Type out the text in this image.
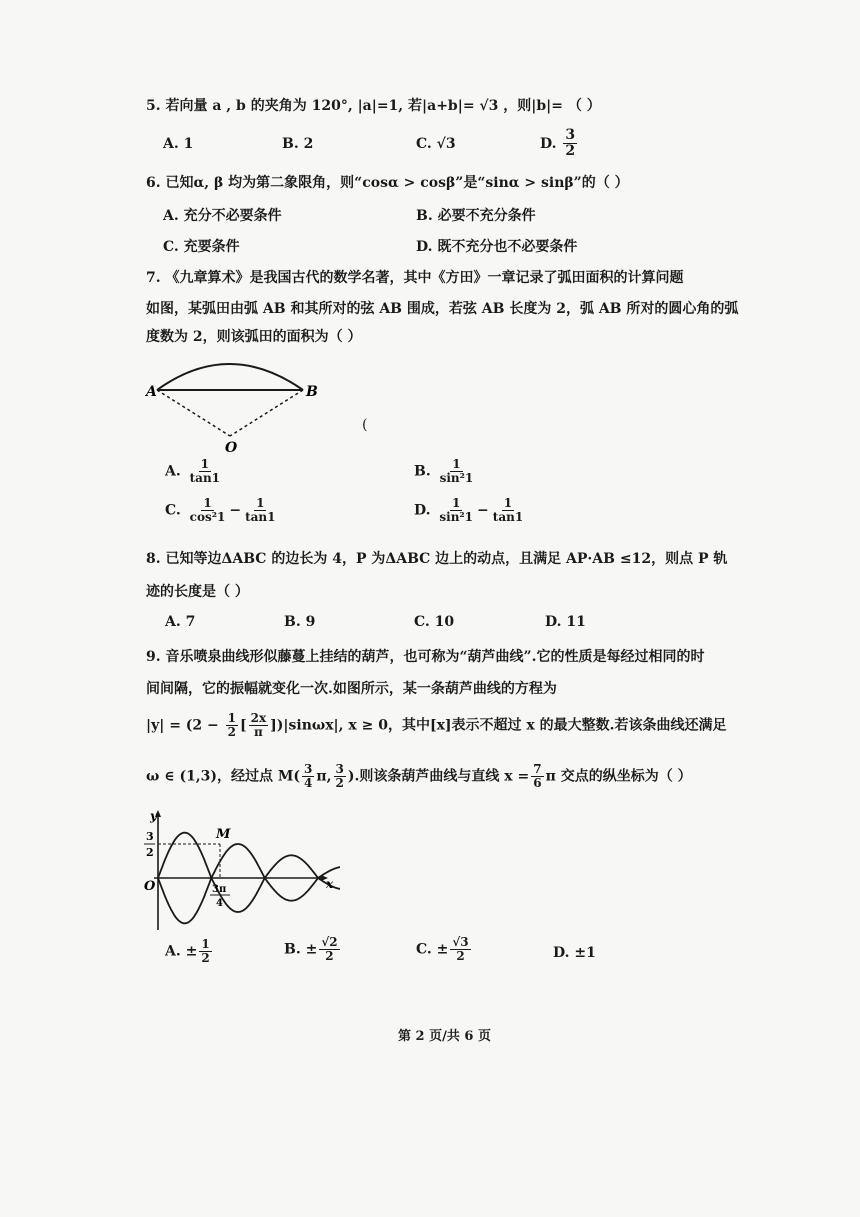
5. 若向量 a , b 的夹角为 120°, |a|=1, 若|a+b|= √3 ，则|b|= （ ）
A. 1	B. 2	C. √3	D. $\frac{3}{2}$
6. 已知α, β 均为第二象限角，则“cosα > cosβ”是“sinα > sinβ”的（ ）
A. 充分不必要条件	B. 必要不充分条件
C. 充要条件	D. 既不充分也不必要条件
7. 《九章算术》是我国古代的数学名著，其中《方田》一章记录了弧田面积的计算问题
如图，某弧田由弧 AB 和其所对的弦 AB 围成，若弦 AB 长度为 2，弧 AB 所对的圆心角的弧
度数为 2，则该弧田的面积为（ ）
A	B
O
(
A. $\frac{1}{\tan 1}$	B. $\frac{1}{\text{sin²1}}$
C. $\frac{1}{\text{cos²1}} - \frac{1}{\tan 1}$	D. $\frac{1}{\text{sin²1}} - \frac{1}{\tan 1}$
8. 已知等边ΔABC 的边长为 4，P 为ΔABC 边上的动点，且满足 AP·AB ≤12，则点 P 轨
迹的长度是（ ）
A. 7	B. 9	C. 10	D. 11
9. 音乐喷泉曲线形似藤蔓上挂结的葫芦，也可称为“葫芦曲线”.它的性质是每经过相同的时
间间隔，它的振幅就变化一次.如图所示，某一条葫芦曲线的方程为
$|y| = (2 - \frac{1}{2}$ [ $\frac{2x}{\pi} ])|\sin\omega x|$, x ≥ 0，其中[x]表示不超过 x 的最大整数.若该条曲线还满足
ω ∈ (1,3)，经过点 $M( \frac{3}{4} \pi$, $\frac{3}{2}$ ).则该条葫芦曲线与直线 $x = \frac{7}{6}$ π 交点的纵坐标为（ ）
y
x
O
M
3
2
3π
4
A. ± $\frac{1}{2}$	B. ± $\frac{√2}{2}$	C. ± $\frac{√3}{2}$	D. ±1
第 2 页/共 6 页
